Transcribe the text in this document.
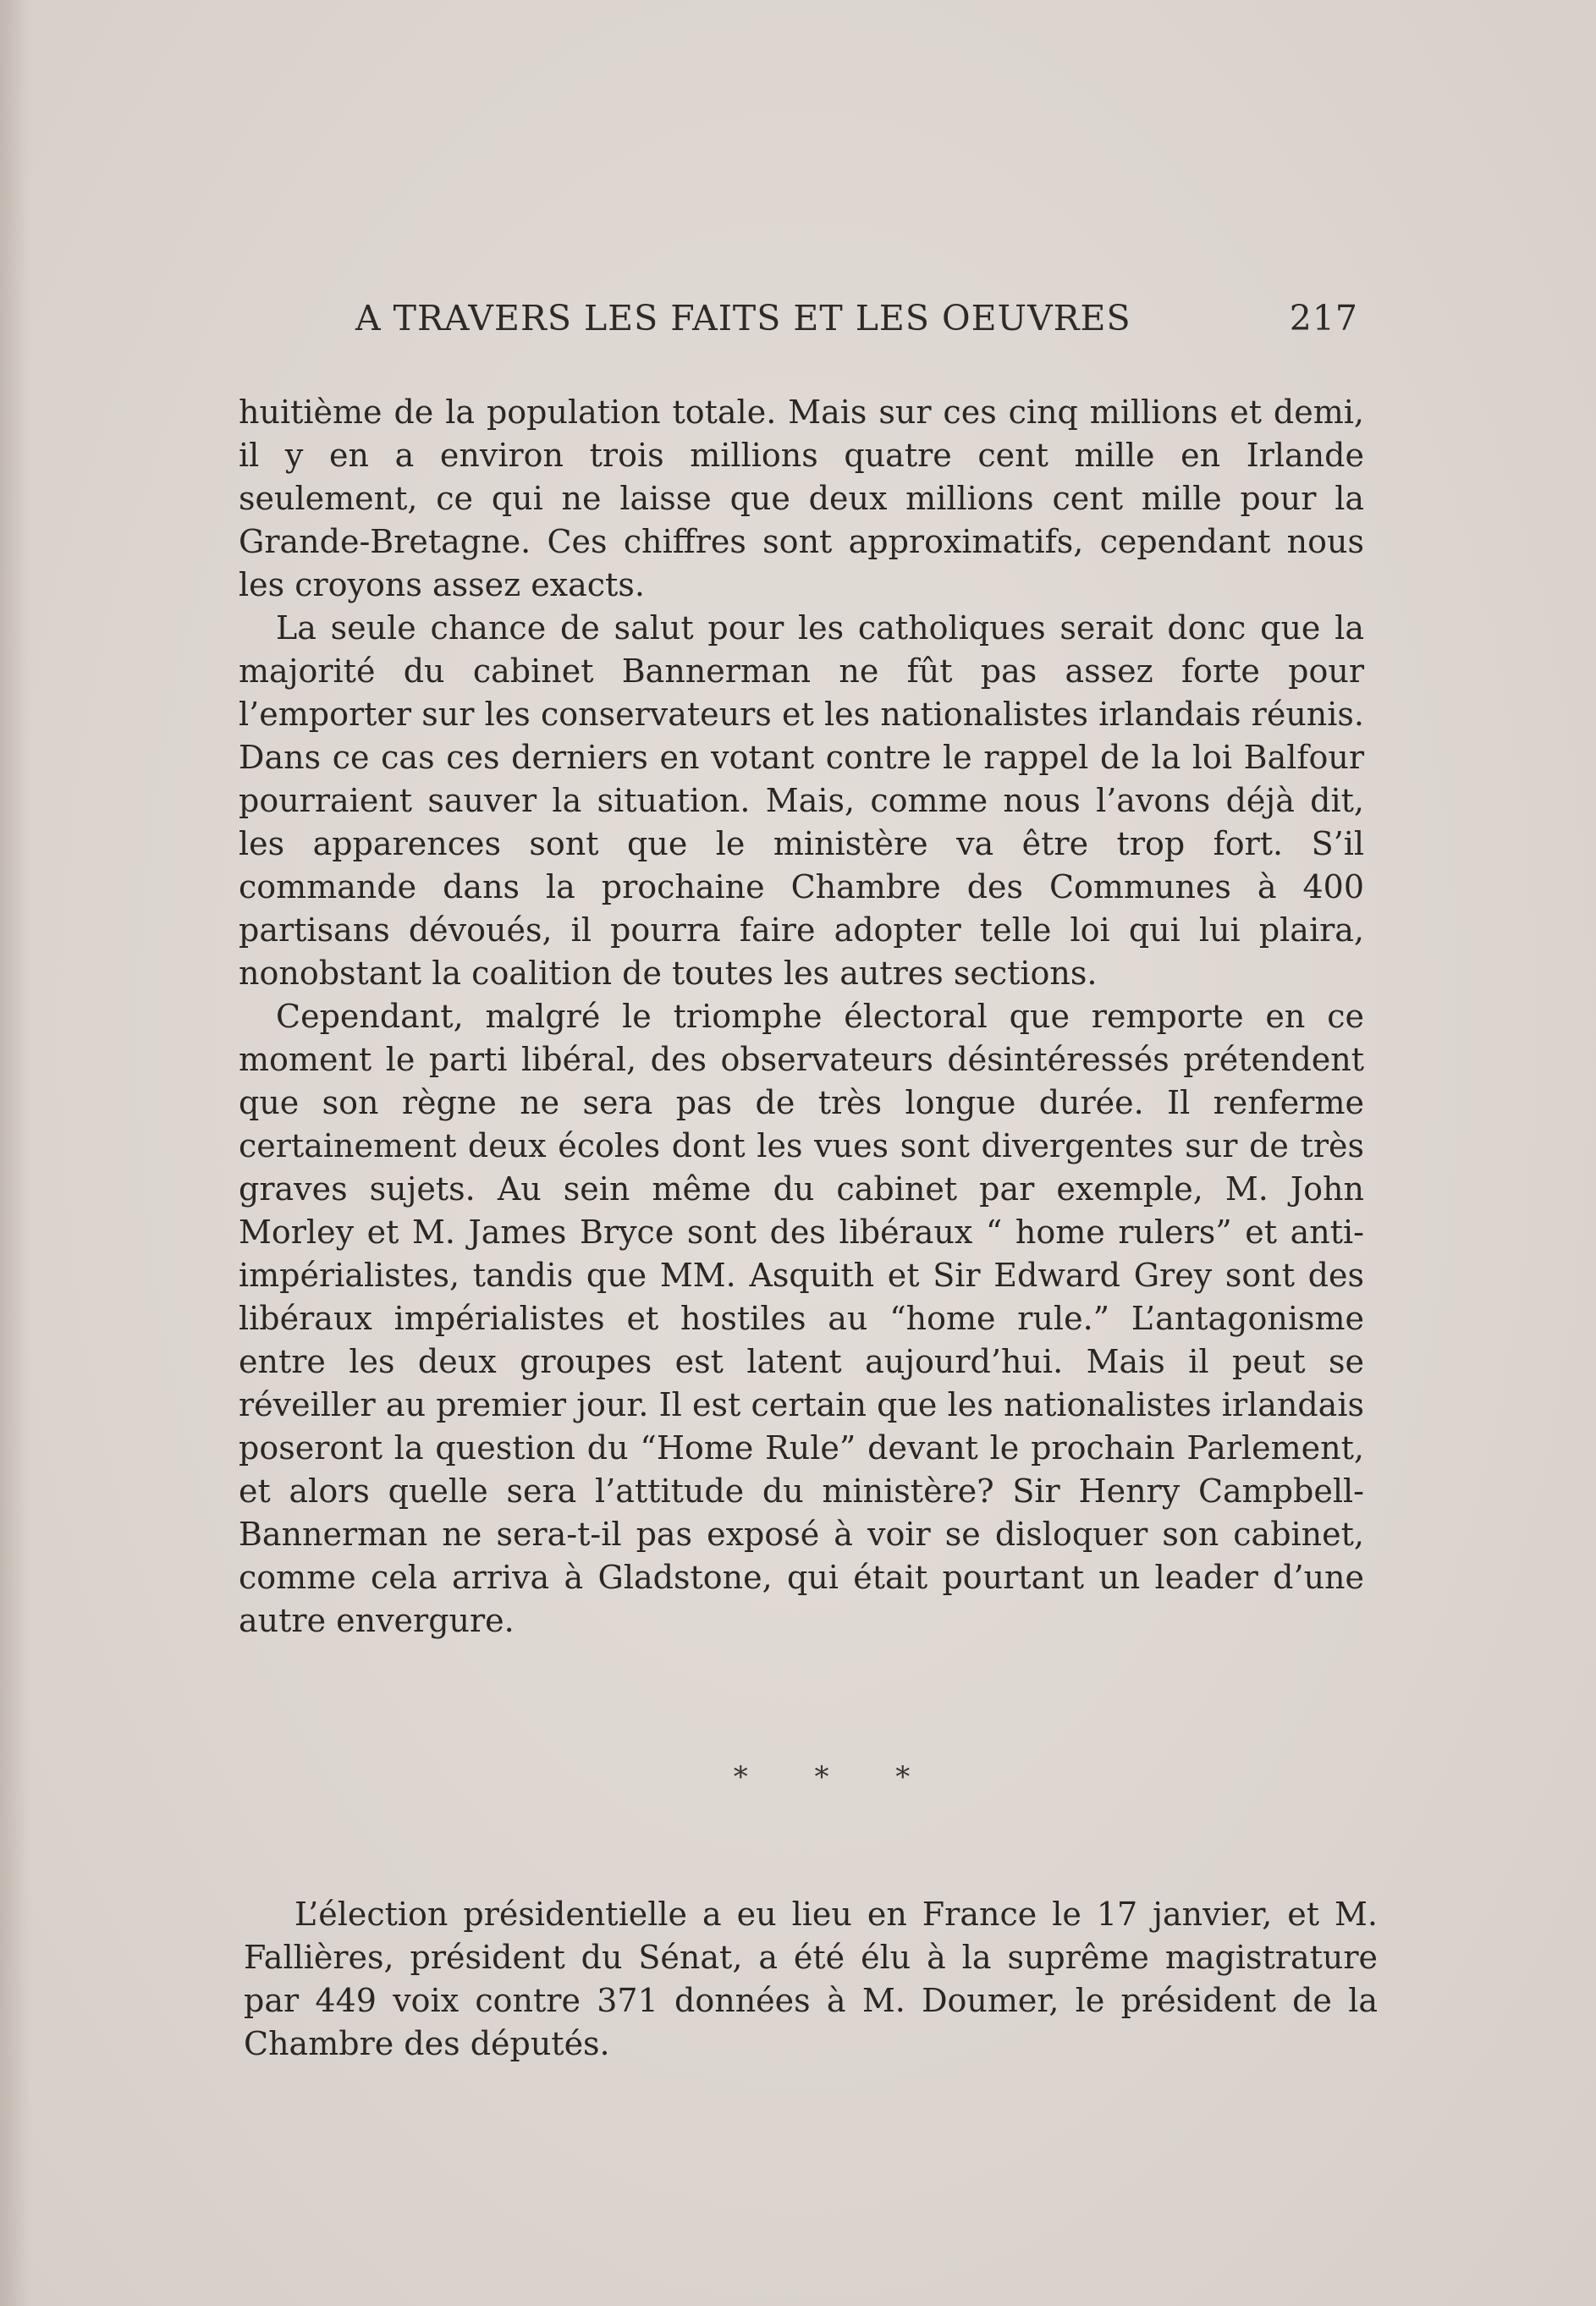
A TRAVERS LES FAITS ET LES OEUVRES	217

huitième de la population totale. Mais sur ces cinq millions et demi, il y en a environ trois millions quatre cent mille en Irlande seulement, ce qui ne laisse que deux millions cent mille pour la Grande-Bretagne. Ces chiffres sont approximatifs, cependant nous les croyons assez exacts.

La seule chance de salut pour les catholiques serait donc que la majorité du cabinet Bannerman ne fût pas assez forte pour l’emporter sur les conservateurs et les nationalistes irlandais réunis. Dans ce cas ces derniers en votant contre le rappel de la loi Balfour pourraient sauver la situation. Mais, comme nous l’avons déjà dit, les apparences sont que le ministère va être trop fort. S’il commande dans la prochaine Chambre des Communes à 400 partisans dévoués, il pourra faire adopter telle loi qui lui plaira, nonobstant la coalition de toutes les autres sections.

Cependant, malgré le triomphe électoral que remporte en ce moment le parti libéral, des observateurs désintéressés prétendent que son règne ne sera pas de très longue durée. Il renferme certainement deux écoles dont les vues sont divergentes sur de très graves sujets. Au sein même du cabinet par exemple, M. John Morley et M. James Bryce sont des libéraux “ home rulers” et anti-impérialistes, tandis que MM. Asquith et Sir Edward Grey sont des libéraux impérialistes et hostiles au “home rule.” L’antagonisme entre les deux groupes est latent aujourd’hui. Mais il peut se réveiller au premier jour. Il est certain que les nationalistes irlandais poseront la question du “Home Rule” devant le prochain Parlement, et alors quelle sera l’attitude du ministère? Sir Henry Campbell-Bannerman ne sera-t-il pas exposé à voir se disloquer son cabinet, comme cela arriva à Gladstone, qui était pourtant un leader d’une autre envergure.

* * *

L’élection présidentielle a eu lieu en France le 17 janvier, et M. Fallières, président du Sénat, a été élu à la suprême magistrature par 449 voix contre 371 données à M. Doumer, le président de la Chambre des députés.
